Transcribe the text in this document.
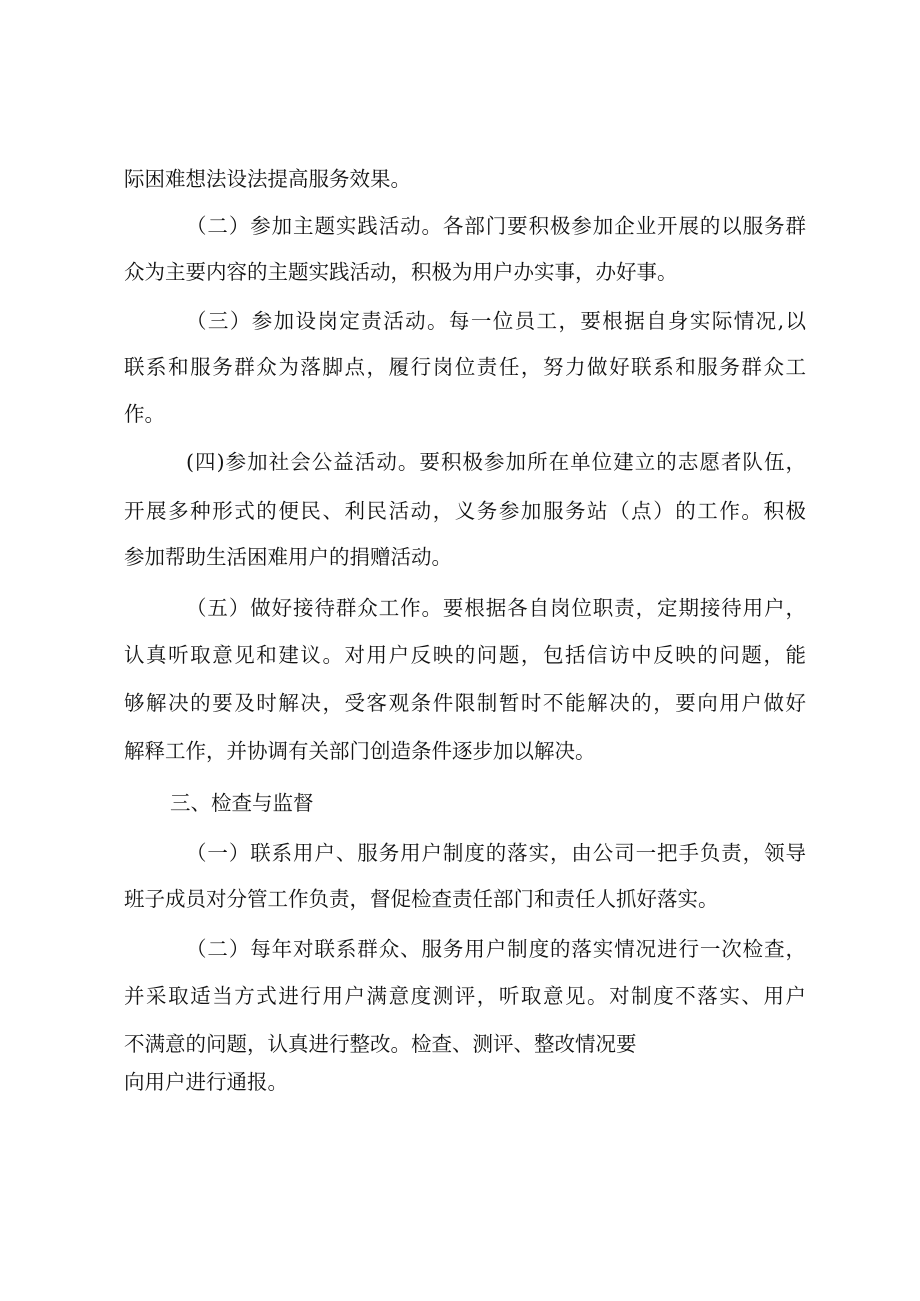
际困难想法设法提高服务效果。
（二）参加主题实践活动。各部门要积极参加企业开展的以服务群
众为主要内容的主题实践活动，积极为用户办实事，办好事。
（三）参加设岗定责活动。每一位员工，要根据自身实际情况,以
联系和服务群众为落脚点，履行岗位责任，努力做好联系和服务群众工
作。
(四)参加社会公益活动。要积极参加所在单位建立的志愿者队伍，
开展多种形式的便民、利民活动，义务参加服务站（点）的工作。积极
参加帮助生活困难用户的捐赠活动。
（五）做好接待群众工作。要根据各自岗位职责，定期接待用户，
认真听取意见和建议。对用户反映的问题，包括信访中反映的问题，能
够解决的要及时解决，受客观条件限制暂时不能解决的，要向用户做好
解释工作，并协调有关部门创造条件逐步加以解决。
三、检查与监督
（一）联系用户、服务用户制度的落实，由公司一把手负责，领导
班子成员对分管工作负责，督促检查责任部门和责任人抓好落实。
（二）每年对联系群众、服务用户制度的落实情况进行一次检查，
并采取适当方式进行用户满意度测评，听取意见。对制度不落实、用户
不满意的问题，认真进行整改。检查、测评、整改情况要
向用户进行通报。
